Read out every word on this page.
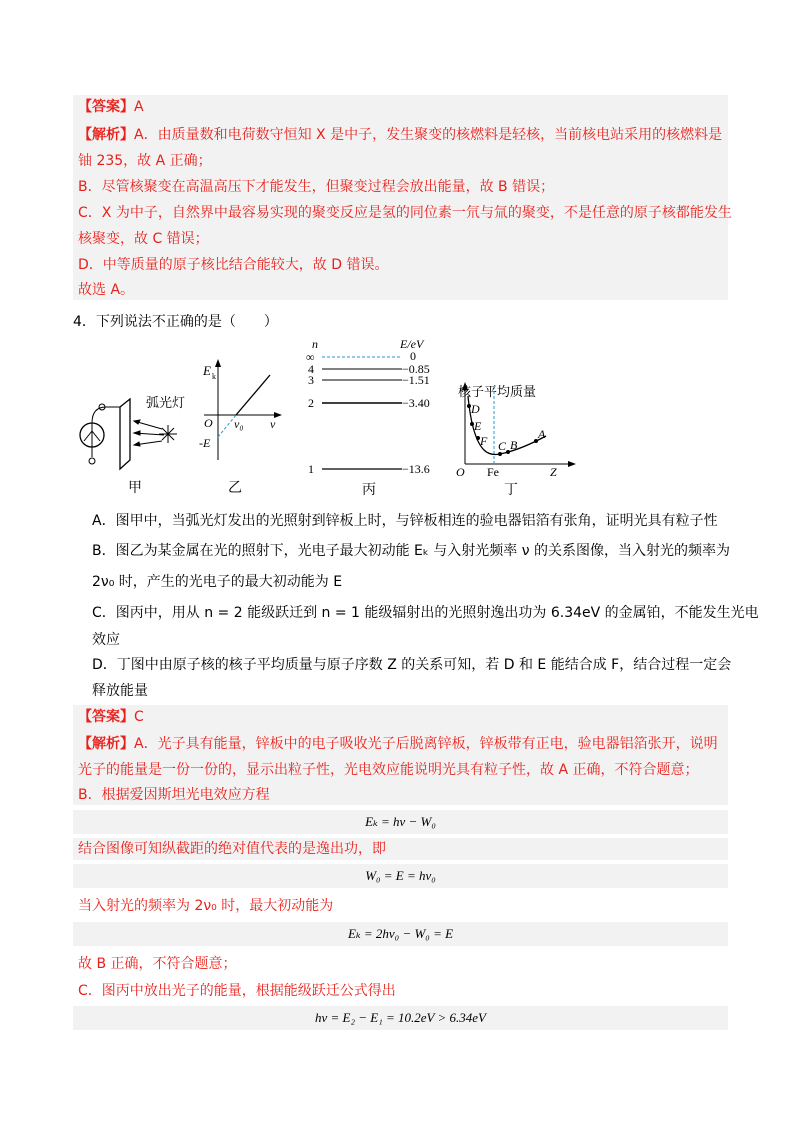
【答案】A
【解析】A．由质量数和电荷数守恒知 X 是中子，发生聚变的核燃料是轻核，当前核电站采用的核燃料是
铀 235，故 A 正确；
B．尽管核聚变在高温高压下才能发生，但聚变过程会放出能量，故 B 错误；
C．X 为中子，自然界中最容易实现的聚变反应是氢的同位素一氘与氚的聚变，不是任意的原子核都能发生
核聚变，故 C 错误；
D．中等质量的原子核比结合能较大，故 D 错误。
故选 A。
4．下列说法不正确的是（　　）
弧光灯
甲
E k
O ν₀ ν
-E
乙
n	E/eV
∞
4
3
2
1
0
−0.85
−1.51
−3.40
−13.6
丙
核子平均质量
D
E
F C B
A
O Fe	Z
丁
A．图甲中，当弧光灯发出的光照射到锌板上时，与锌板相连的验电器铝箔有张角，证明光具有粒子性
B．图乙为某金属在光的照射下，光电子最大初动能 Eₖ 与入射光频率 ν 的关系图像，当入射光的频率为
2ν₀ 时，产生的光电子的最大初动能为 E
C．图丙中，用从 n = 2 能级跃迁到 n = 1 能级辐射出的光照射逸出功为 6.34eV 的金属铂，不能发生光电
效应
D．丁图中由原子核的核子平均质量与原子序数 Z 的关系可知，若 D 和 E 能结合成 F，结合过程一定会
释放能量
【答案】C
【解析】A．光子具有能量，锌板中的电子吸收光子后脱离锌板，锌板带有正电，验电器铝箔张开，说明
光子的能量是一份一份的，显示出粒子性，光电效应能说明光具有粒子性，故 A 正确，不符合题意；
B．根据爱因斯坦光电效应方程
Eₖ = hν − W₀
结合图像可知纵截距的绝对值代表的是逸出功，即
W₀ = E = hν₀
当入射光的频率为 2ν₀ 时，最大初动能为
Eₖ = 2hν₀ − W₀ = E
故 B 正确，不符合题意；
C．图丙中放出光子的能量，根据能级跃迁公式得出
hν = E₂ − E₁ = 10.2eV > 6.34eV
